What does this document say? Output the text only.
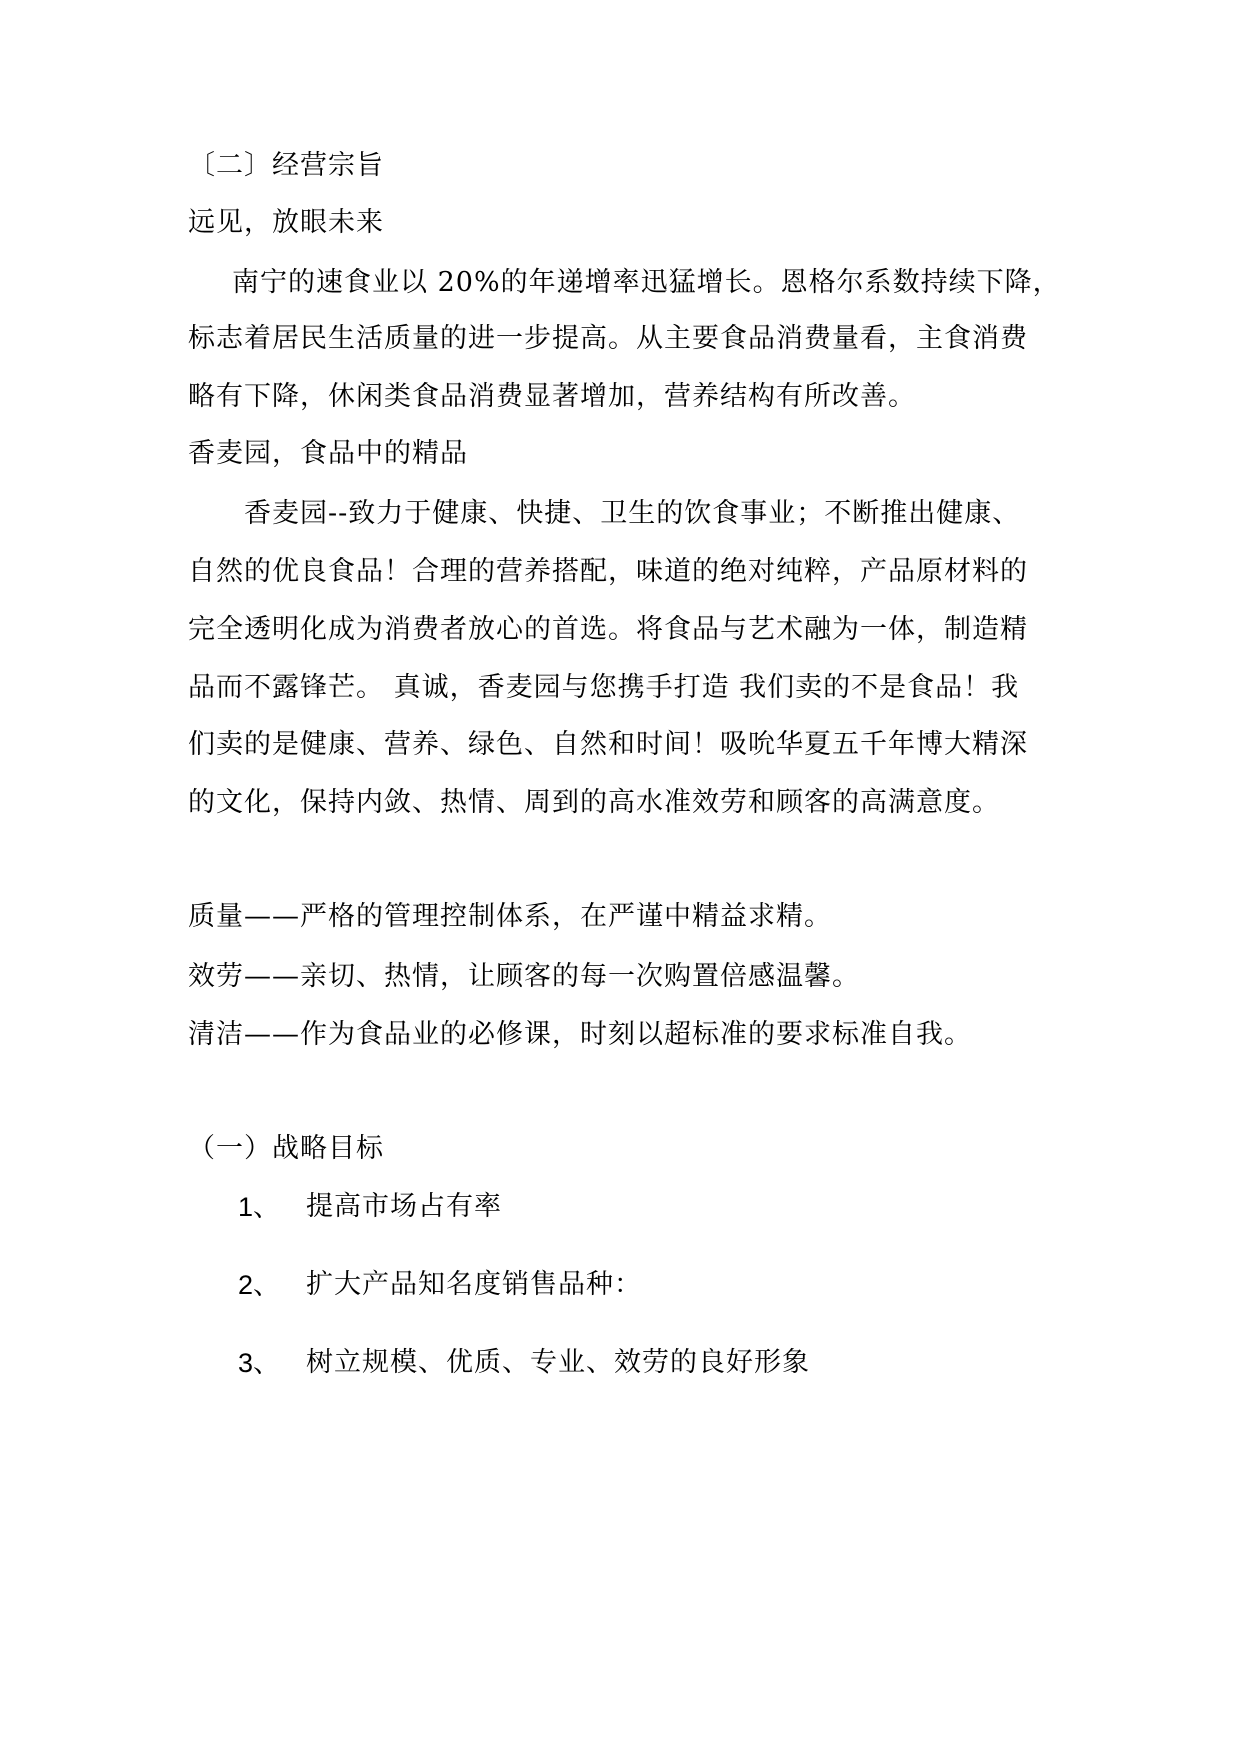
〔二〕经营宗旨
远见，放眼未来
南宁的速食业以 20%的年递增率迅猛增长。恩格尔系数持续下降，
标志着居民生活质量的进一步提高。从主要食品消费量看，主食消费
略有下降，休闲类食品消费显著增加，营养结构有所改善。
香麦园，食品中的精品
香麦园--致力于健康、快捷、卫生的饮食事业；不断推出健康、
自然的优良食品！合理的营养搭配，味道的绝对纯粹，产品原材料的
完全透明化成为消费者放心的首选。将食品与艺术融为一体，制造精
品而不露锋芒。 真诚，香麦园与您携手打造 我们卖的不是食品！我
们卖的是健康、营养、绿色、自然和时间！吸吮华夏五千年博大精深
的文化，保持内敛、热情、周到的高水准效劳和顾客的高满意度。
质量——严格的管理控制体系，在严谨中精益求精。
效劳——亲切、热情，让顾客的每一次购置倍感温馨。
清洁——作为食品业的必修课，时刻以超标准的要求标准自我。
（一）战略目标
1、 提高市场占有率
2、 扩大产品知名度销售品种：
3、 树立规模、优质、专业、效劳的良好形象
